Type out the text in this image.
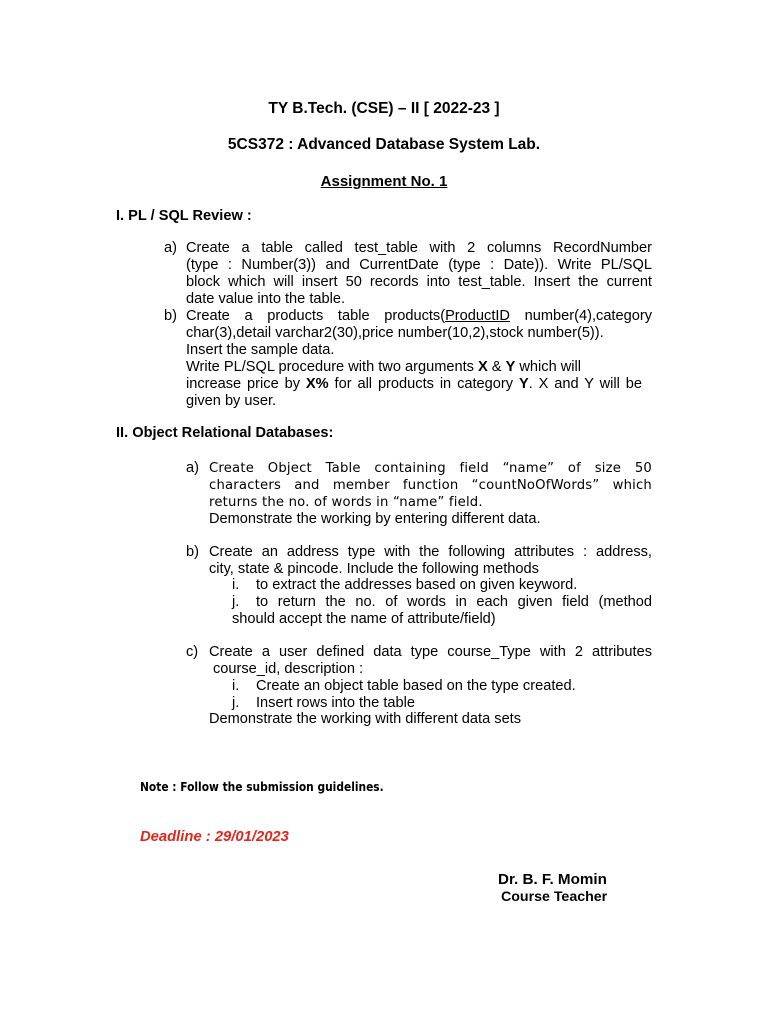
TY B.Tech. (CSE) – II [ 2022-23 ]
5CS372 : Advanced Database System Lab.
Assignment No. 1
I. PL / SQL Review :
a) Create a table called test_table with 2 columns RecordNumber
(type : Number(3)) and CurrentDate (type : Date)). Write PL/SQL
block which will insert 50 records into test_table. Insert the current
date value into the table.
b) Create a products table products(ProductID number(4),category
char(3),detail varchar2(30),price number(10,2),stock number(5)).
Insert the sample data.
Write PL/SQL procedure with two arguments X & Y which will
increase price by X% for all products in category Y. X and Y will be
given by user.
II. Object Relational Databases:
a) Create Object Table containing field “name” of size 50
characters and member function “countNoOfWords” which
returns the no. of words in “name” field.
Demonstrate the working by entering different data.
b) Create an address type with the following attributes : address,
city, state & pincode. Include the following methods
i. to extract the addresses based on given keyword.
j. to return the no. of words in each given field (method
should accept the name of attribute/field)
c) Create a user defined data type course_Type with 2 attributes
course_id, description :
i. Create an object table based on the type created.
j. Insert rows into the table
Demonstrate the working with different data sets
Note : Follow the submission guidelines.
Deadline : 29/01/2023
Dr. B. F. Momin
Course Teacher
